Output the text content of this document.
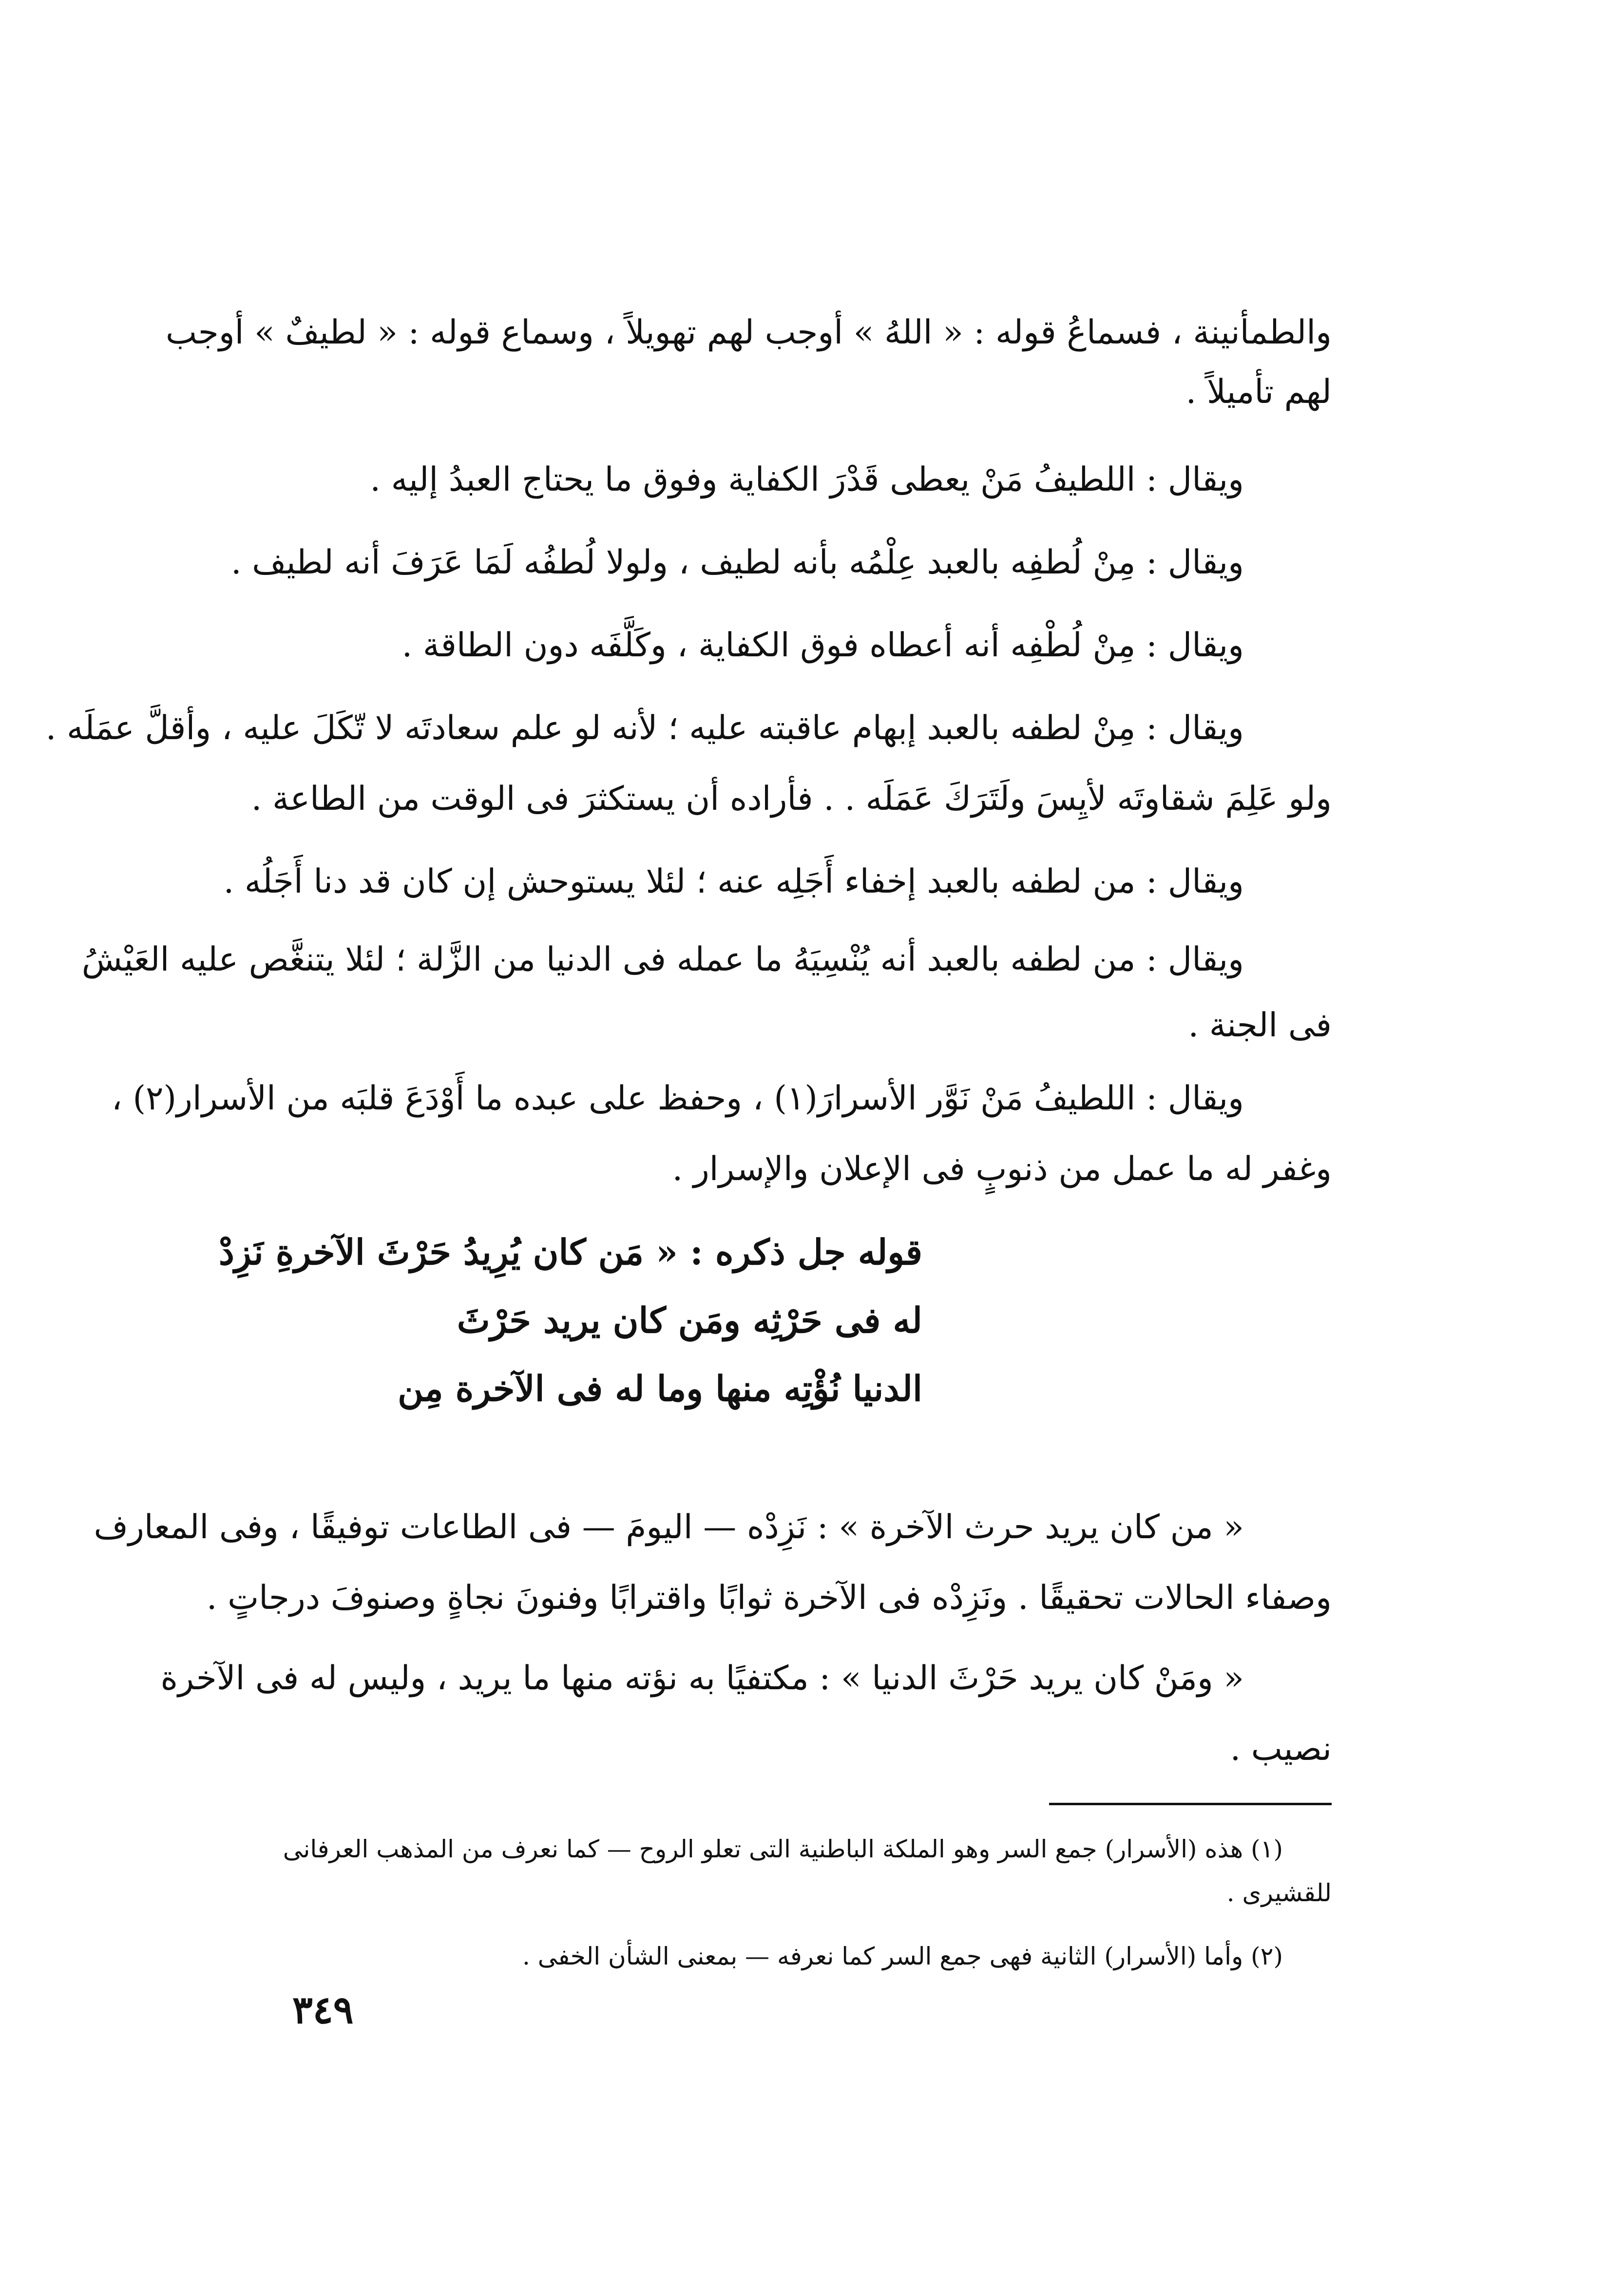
والطمأنينة ، فسماعُ قوله : « اللهُ » أوجب لهم تهويلاً ، وسماع قوله : « لطيفٌ » أوجب
لهم تأميلاً .
ويقال : اللطيفُ مَنْ يعطى قَدْرَ الكفاية وفوق ما يحتاج العبدُ إليه .
ويقال : مِنْ لُطفِه بالعبد عِلْمُه بأنه لطيف ، ولولا لُطفُه لَمَا عَرَفَ أنه لطيف .
ويقال : مِنْ لُطْفِه أنه أعطاه فوق الكفاية ، وكَلَّفَه دون الطاقة .
ويقال : مِنْ لطفه بالعبد إبهام عاقبته عليه ؛ لأنه لو علم سعادتَه لا تّكَلَ عليه ، وأقلَّ عمَلَه .
ولو عَلِمَ شقاوتَه لأيِسَ ولَتَرَكَ عَمَلَه . . فأراده أن يستكثرَ فى الوقت من الطاعة .
ويقال : من لطفه بالعبد إخفاء أَجَلِه عنه ؛ لئلا يستوحش إن كان قد دنا أَجَلُه .
ويقال : من لطفه بالعبد أنه يُنْسِيَهُ ما عمله فى الدنيا من الزَّلة ؛ لئلا يتنغَّص عليه العَيْشُ
فى الجنة .
ويقال : اللطيفُ مَنْ نَوَّر الأسرارَ(١) ، وحفظ على عبده ما أَوْدَعَ قلبَه من الأسرار(٢) ،
وغفر له ما عمل من ذنوبٍ فى الإعلان والإسرار .
قوله جل ذكره : « مَن كان يُرِيدُ حَرْثَ الآخرةِ نَزِدْ
له فى حَرْثِه ومَن كان يريد حَرْثَ
الدنيا نُؤْتِه منها وما له فى الآخرة مِن
« من كان يريد حرث الآخرة » : نَزِدْه — اليومَ — فى الطاعات توفيقًا ، وفى المعارف
وصفاء الحالات تحقيقًا . ونَزِدْه فى الآخرة ثوابًا واقترابًا وفنونَ نجاةٍ وصنوفَ درجاتٍ .
« ومَنْ كان يريد حَرْثَ الدنيا » : مكتفيًا به نؤته منها ما يريد ، وليس له فى الآخرة
نصيب .
(١) هذه (الأسرار) جمع السر وهو الملكة الباطنية التى تعلو الروح — كما نعرف من المذهب العرفانى
للقشيرى .
(٢) وأما (الأسرار) الثانية فهى جمع السر كما نعرفه — بمعنى الشأن الخفى .
٣٤٩
